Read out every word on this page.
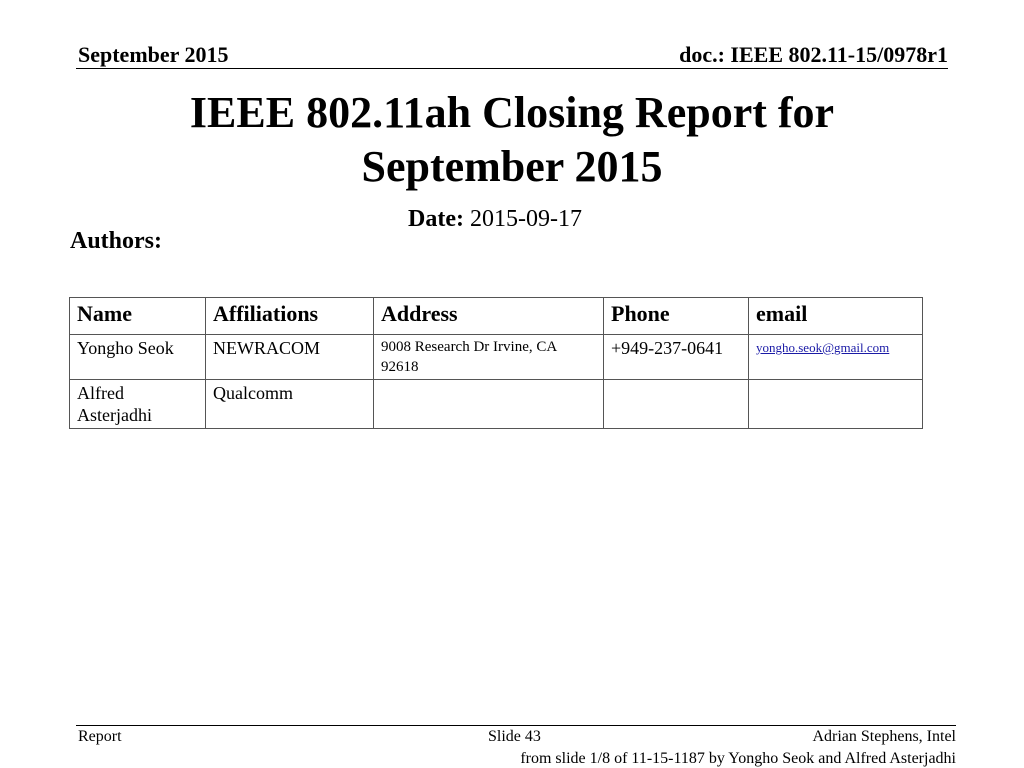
September 2015	doc.: IEEE 802.11-15/0978r1
IEEE 802.11ah Closing Report for
September 2015
Date: 2015-09-17
Authors:
Name	Affiliations	Address	Phone	email
Yongho Seok	NEWRACOM	9008 Research Dr Irvine, CA 92618	+949-237-0641	yongho.seok@gmail.com
Alfred Asterjadhi	Qualcomm			
Report	Slide 43	Adrian Stephens, Intel
from slide 1/8 of 11-15-1187 by Yongho Seok and Alfred Asterjadhi
